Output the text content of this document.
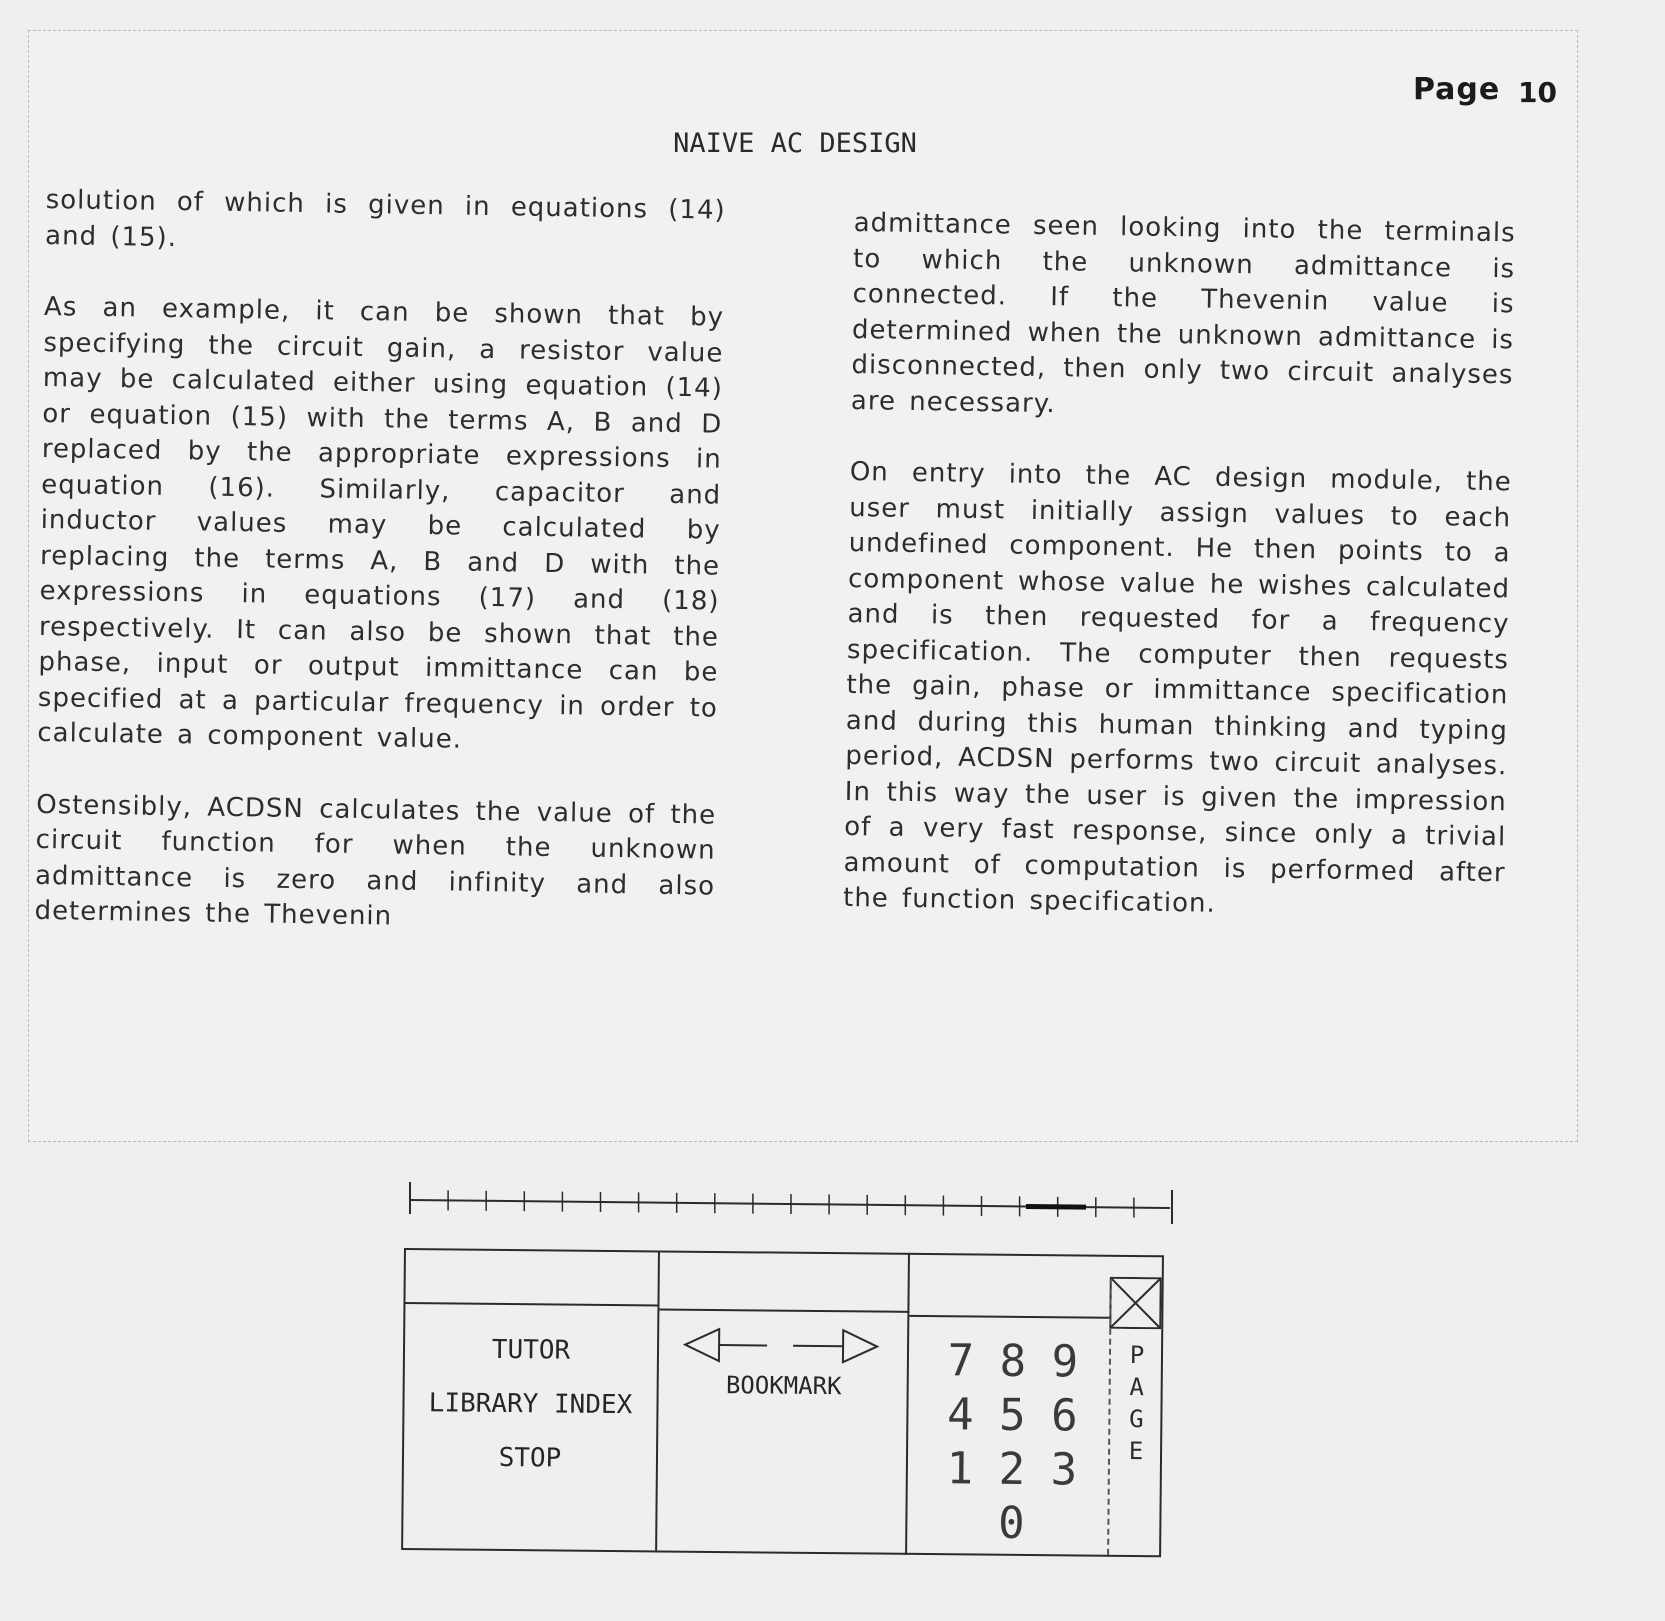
Page 10
NAIVE AC DESIGN

solution of which is given in equations (14) and (15).

As an example, it can be shown that by specifying the circuit gain, a resistor value may be calculated either using equation (14) or equation (15) with the terms A, B and D replaced by the appropriate expressions in equation (16). Similarly, capacitor and inductor values may be calculated by replacing the terms A, B and D with the expressions in equations (17) and (18) respectively. It can also be shown that the phase, input or output immittance can be specified at a particular frequency in order to calculate a component value.

Ostensibly, ACDSN calculates the value of the circuit function for when the unknown admittance is zero and infinity and also determines the Thevenin

admittance seen looking into the terminals to which the unknown admittance is connected. If the Thevenin value is determined when the unknown admittance is disconnected, then only two circuit analyses are necessary.

On entry into the AC design module, the user must initially assign values to each undefined component. He then points to a component whose value he wishes calculated and is then requested for a frequency specification. The computer then requests the gain, phase or immittance specification and during this human thinking and typing period, ACDSN performs two circuit analyses. In this way the user is given the impression of a very fast response, since only a trivial amount of computation is performed after the function specification.

TUTOR
LIBRARY INDEX
STOP
BOOKMARK	7 8 9
4 5 6
1 2 3
0
P
A
G
E
